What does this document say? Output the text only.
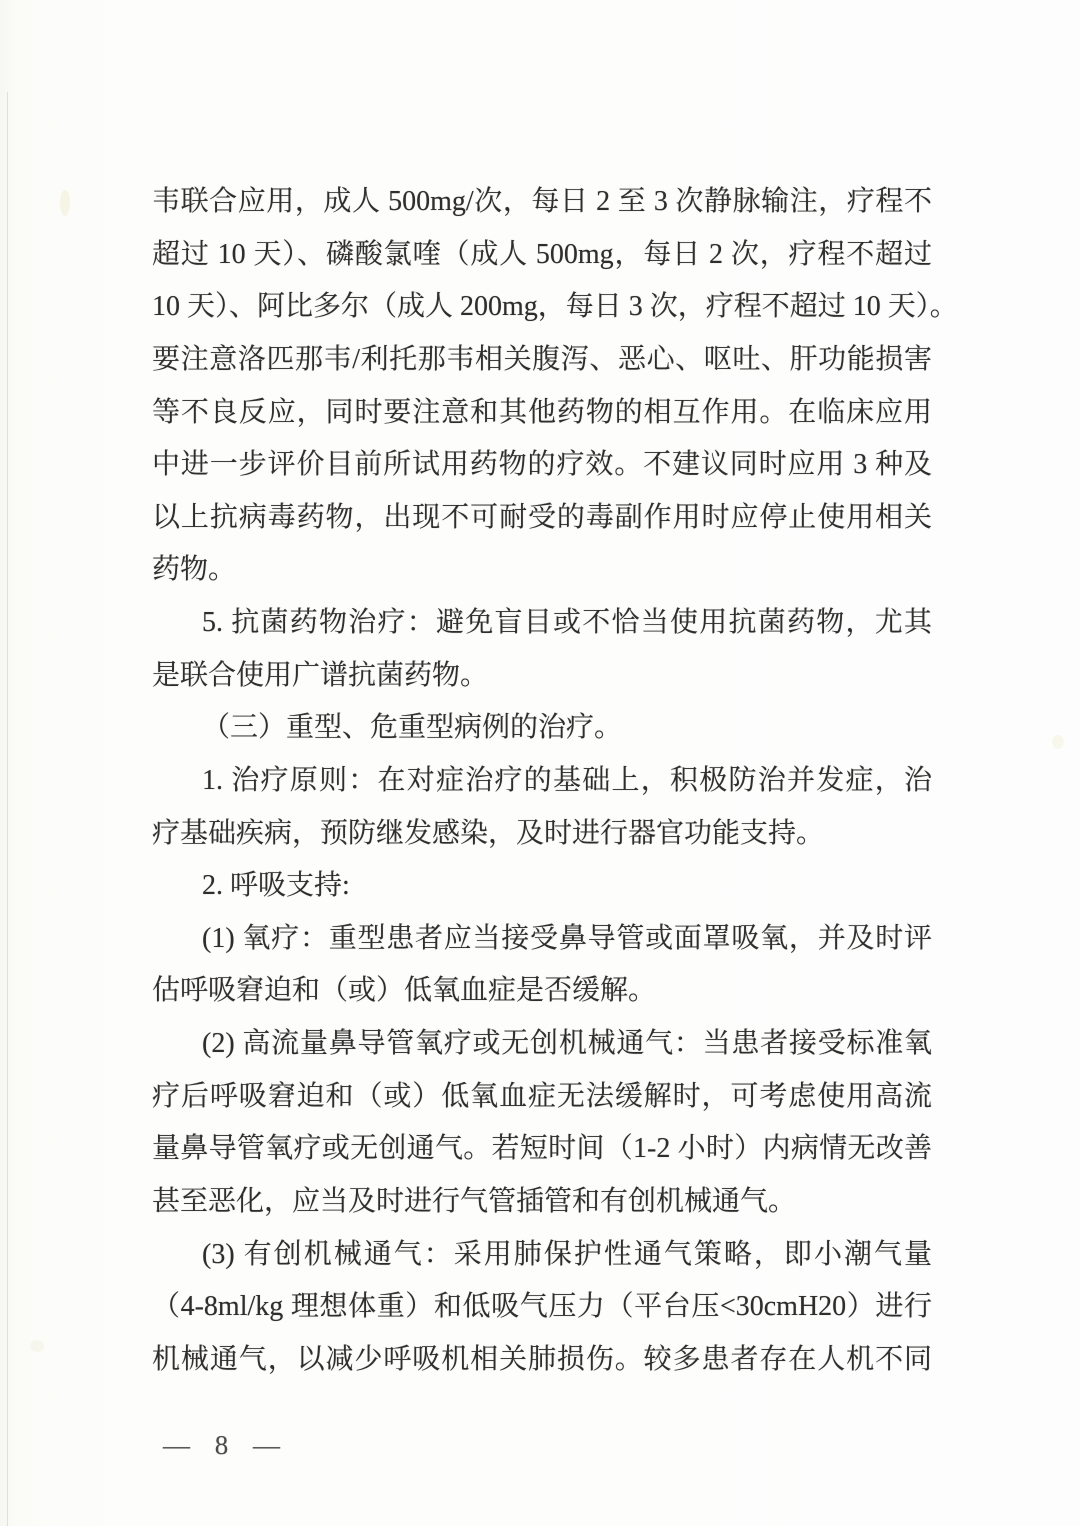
韦联合应用，成人 500mg/次，每日 2 至 3 次静脉输注，疗程不
超过 10 天）、磷酸氯喹（成人 500mg，每日 2 次，疗程不超过
10 天）、阿比多尔（成人 200mg，每日 3 次，疗程不超过 10 天）。
要注意洛匹那韦/利托那韦相关腹泻、恶心、呕吐、肝功能损害
等不良反应，同时要注意和其他药物的相互作用。在临床应用
中进一步评价目前所试用药物的疗效。不建议同时应用 3 种及
以上抗病毒药物，出现不可耐受的毒副作用时应停止使用相关
药物。
5. 抗菌药物治疗：避免盲目或不恰当使用抗菌药物，尤其
是联合使用广谱抗菌药物。
（三）重型、危重型病例的治疗。
1. 治疗原则：在对症治疗的基础上，积极防治并发症，治
疗基础疾病，预防继发感染，及时进行器官功能支持。
2. 呼吸支持:
(1) 氧疗：重型患者应当接受鼻导管或面罩吸氧，并及时评
估呼吸窘迫和（或）低氧血症是否缓解。
(2) 高流量鼻导管氧疗或无创机械通气：当患者接受标准氧
疗后呼吸窘迫和（或）低氧血症无法缓解时，可考虑使用高流
量鼻导管氧疗或无创通气。若短时间（1-2 小时）内病情无改善
甚至恶化，应当及时进行气管插管和有创机械通气。
(3) 有创机械通气：采用肺保护性通气策略，即小潮气量
（4-8ml/kg 理想体重）和低吸气压力（平台压<30cmH20）进行
机械通气，以减少呼吸机相关肺损伤。较多患者存在人机不同
— 8 —
